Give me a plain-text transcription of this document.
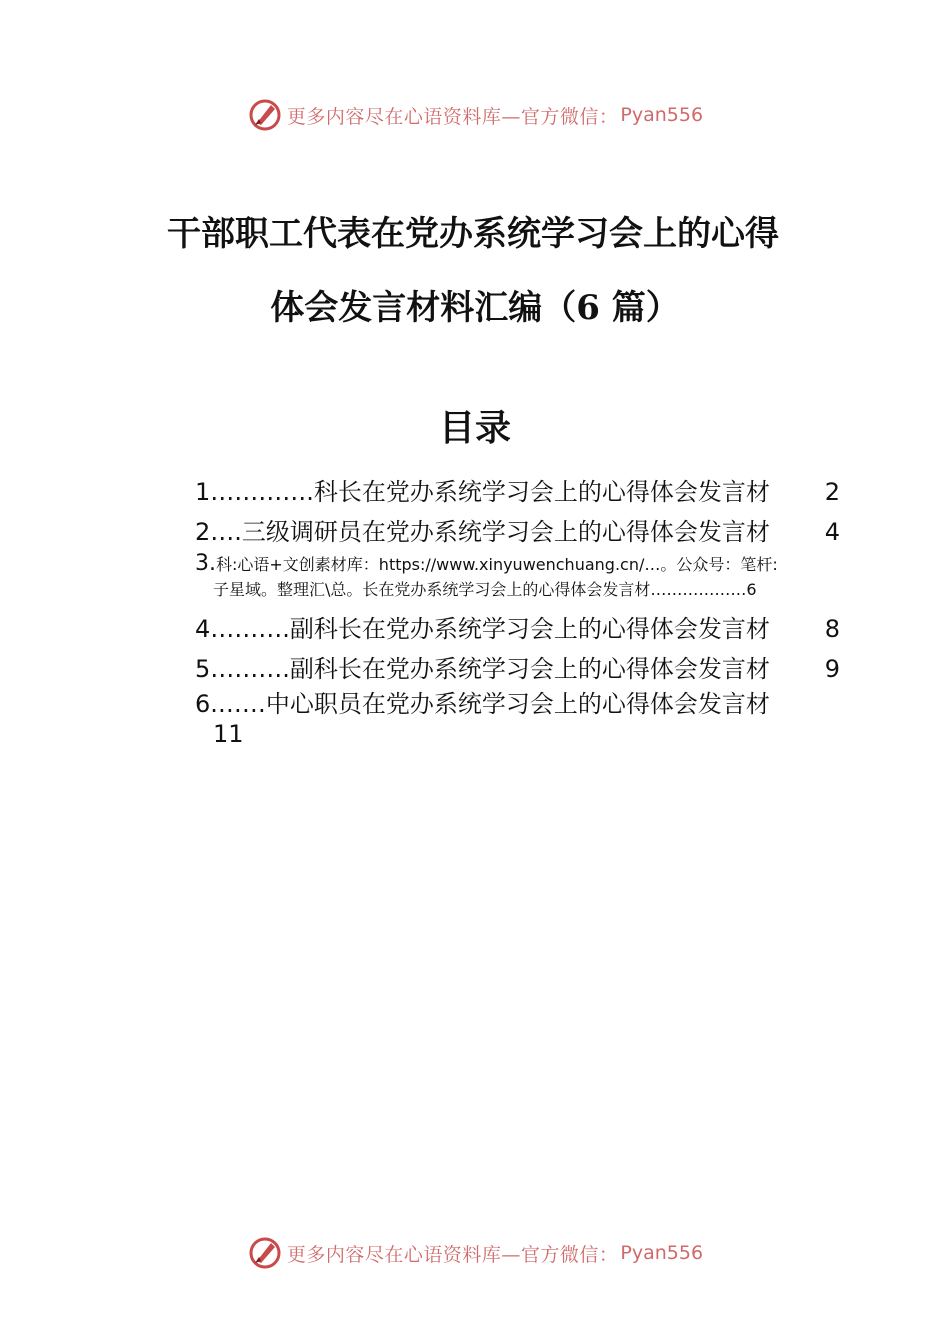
更多内容尽在心语资料库—官方微信： Pyan556
干部职工代表在党办系统学习会上的心得
体会发言材料汇编（6 篇）
目录
1………….科长在党办系统学习会上的心得体会发言材	2
2….三级调研员在党办系统学习会上的心得体会发言材	4
3.科:心语+文创素材库：https://www.xinyuwenchuang.cn/…。公众号：笔杆:
子星域。整理汇\总。长在党办系统学习会上的心得体会发言材………………6
4……….副科长在党办系统学习会上的心得体会发言材	8
5……….副科长在党办系统学习会上的心得体会发言材	9
6.……中心职员在党办系统学习会上的心得体会发言材
11
更多内容尽在心语资料库—官方微信： Pyan556
